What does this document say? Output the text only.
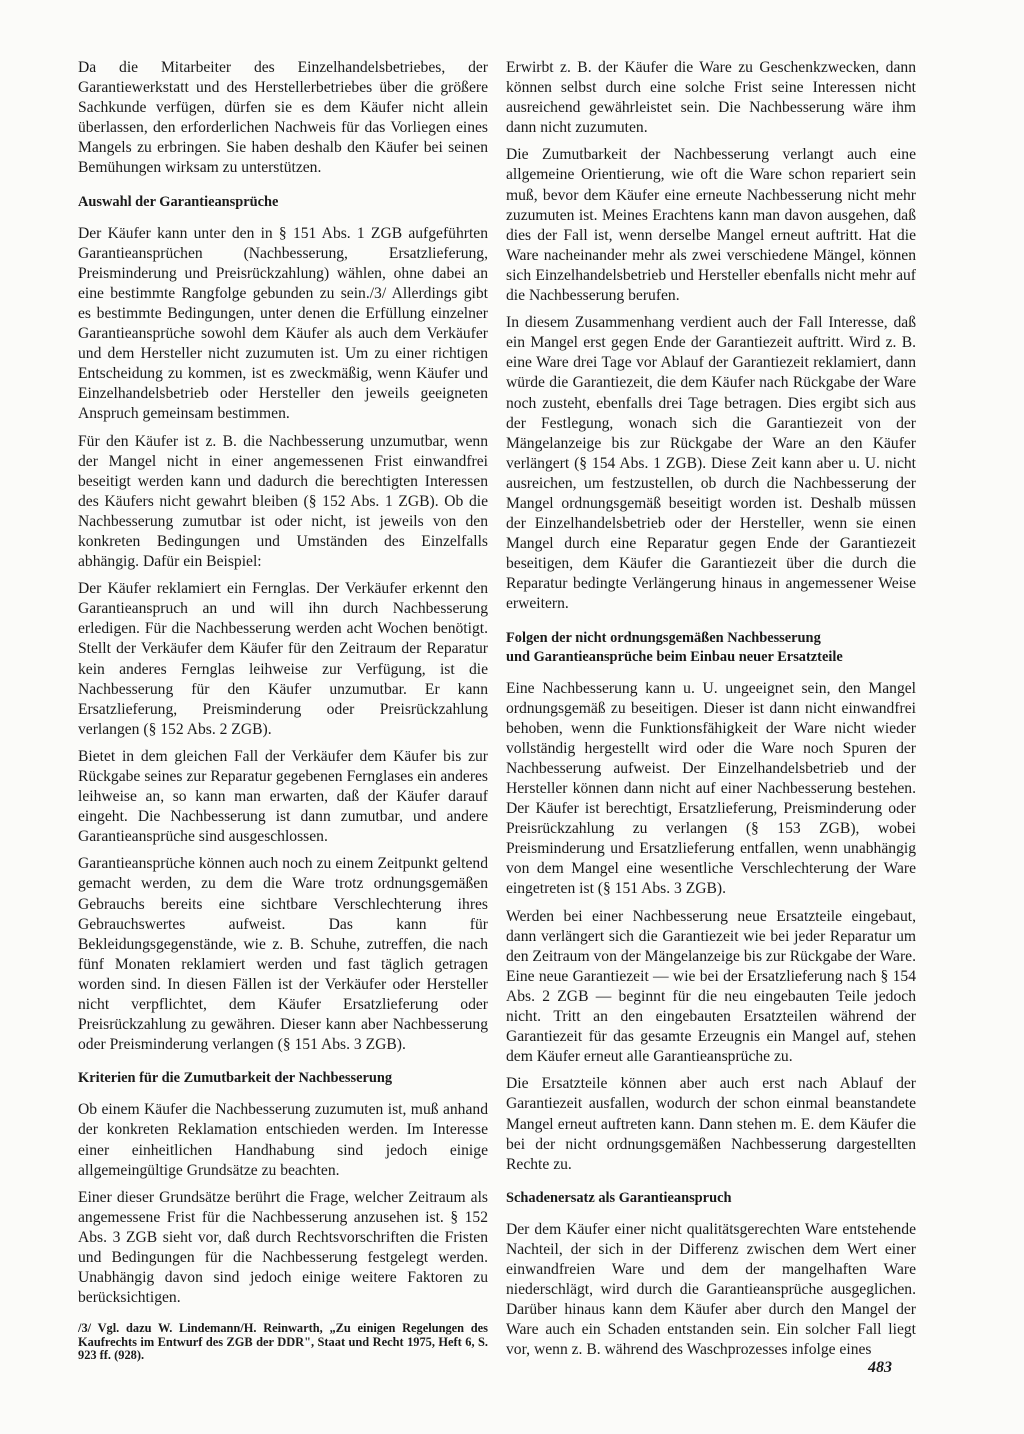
Da die Mitarbeiter des Einzelhandelsbetriebes, der Garantiewerkstatt und des Herstellerbetriebes über die größere Sachkunde verfügen, dürfen sie es dem Käufer nicht allein überlassen, den erforderlichen Nachweis für das Vorliegen eines Mangels zu erbringen. Sie haben deshalb den Käufer bei seinen Bemühungen wirksam zu unterstützen.

Auswahl der Garantieansprüche

Der Käufer kann unter den in § 151 Abs. 1 ZGB aufgeführten Garantieansprüchen (Nachbesserung, Ersatzlieferung, Preisminderung und Preisrückzahlung) wählen, ohne dabei an eine bestimmte Rangfolge gebunden zu sein./3/ Allerdings gibt es bestimmte Bedingungen, unter denen die Erfüllung einzelner Garantieansprüche sowohl dem Käufer als auch dem Verkäufer und dem Hersteller nicht zuzumuten ist. Um zu einer richtigen Entscheidung zu kommen, ist es zweckmäßig, wenn Käufer und Einzelhandelsbetrieb oder Hersteller den jeweils geeigneten Anspruch gemeinsam bestimmen.

Für den Käufer ist z. B. die Nachbesserung unzumutbar, wenn der Mangel nicht in einer angemessenen Frist einwandfrei beseitigt werden kann und dadurch die berechtigten Interessen des Käufers nicht gewahrt bleiben (§ 152 Abs. 1 ZGB). Ob die Nachbesserung zumutbar ist oder nicht, ist jeweils von den konkreten Bedingungen und Umständen des Einzelfalls abhängig. Dafür ein Beispiel:

Der Käufer reklamiert ein Fernglas. Der Verkäufer erkennt den Garantieanspruch an und will ihn durch Nachbesserung erledigen. Für die Nachbesserung werden acht Wochen benötigt. Stellt der Verkäufer dem Käufer für den Zeitraum der Reparatur kein anderes Fernglas leihweise zur Verfügung, ist die Nachbesserung für den Käufer unzumutbar. Er kann Ersatzlieferung, Preisminderung oder Preisrückzahlung verlangen (§ 152 Abs. 2 ZGB).

Bietet in dem gleichen Fall der Verkäufer dem Käufer bis zur Rückgabe seines zur Reparatur gegebenen Fernglases ein anderes leihweise an, so kann man erwarten, daß der Käufer darauf eingeht. Die Nachbesserung ist dann zumutbar, und andere Garantieansprüche sind ausgeschlossen.

Garantieansprüche können auch noch zu einem Zeitpunkt geltend gemacht werden, zu dem die Ware trotz ordnungsgemäßen Gebrauchs bereits eine sichtbare Verschlechterung ihres Gebrauchswertes aufweist. Das kann für Bekleidungsgegenstände, wie z. B. Schuhe, zutreffen, die nach fünf Monaten reklamiert werden und fast täglich getragen worden sind. In diesen Fällen ist der Verkäufer oder Hersteller nicht verpflichtet, dem Käufer Ersatzlieferung oder Preisrückzahlung zu gewähren. Dieser kann aber Nachbesserung oder Preisminderung verlangen (§ 151 Abs. 3 ZGB).

Kriterien für die Zumutbarkeit der Nachbesserung

Ob einem Käufer die Nachbesserung zuzumuten ist, muß anhand der konkreten Reklamation entschieden werden. Im Interesse einer einheitlichen Handhabung sind jedoch einige allgemeingültige Grundsätze zu beachten.

Einer dieser Grundsätze berührt die Frage, welcher Zeitraum als angemessene Frist für die Nachbesserung anzusehen ist. § 152 Abs. 3 ZGB sieht vor, daß durch Rechtsvorschriften die Fristen und Bedingungen für die Nachbesserung festgelegt werden. Unabhängig davon sind jedoch einige weitere Faktoren zu berücksichtigen.

/3/ Vgl. dazu W. Lindemann/H. Reinwarth, „Zu einigen Regelungen des Kaufrechts im Entwurf des ZGB der DDR", Staat und Recht 1975, Heft 6, S. 923 ff. (928).

Erwirbt z. B. der Käufer die Ware zu Geschenkzwecken, dann können selbst durch eine solche Frist seine Interessen nicht ausreichend gewährleistet sein. Die Nachbesserung wäre ihm dann nicht zuzumuten.

Die Zumutbarkeit der Nachbesserung verlangt auch eine allgemeine Orientierung, wie oft die Ware schon repariert sein muß, bevor dem Käufer eine erneute Nachbesserung nicht mehr zuzumuten ist. Meines Erachtens kann man davon ausgehen, daß dies der Fall ist, wenn derselbe Mangel erneut auftritt. Hat die Ware nacheinander mehr als zwei verschiedene Mängel, können sich Einzelhandelsbetrieb und Hersteller ebenfalls nicht mehr auf die Nachbesserung berufen.

In diesem Zusammenhang verdient auch der Fall Interesse, daß ein Mangel erst gegen Ende der Garantiezeit auftritt. Wird z. B. eine Ware drei Tage vor Ablauf der Garantiezeit reklamiert, dann würde die Garantiezeit, die dem Käufer nach Rückgabe der Ware noch zusteht, ebenfalls drei Tage betragen. Dies ergibt sich aus der Festlegung, wonach sich die Garantiezeit von der Mängelanzeige bis zur Rückgabe der Ware an den Käufer verlängert (§ 154 Abs. 1 ZGB). Diese Zeit kann aber u. U. nicht ausreichen, um festzustellen, ob durch die Nachbesserung der Mangel ordnungsgemäß beseitigt worden ist. Deshalb müssen der Einzelhandelsbetrieb oder der Hersteller, wenn sie einen Mangel durch eine Reparatur gegen Ende der Garantiezeit beseitigen, dem Käufer die Garantiezeit über die durch die Reparatur bedingte Verlängerung hinaus in angemessener Weise erweitern.

Folgen der nicht ordnungsgemäßen Nachbesserung
und Garantieansprüche beim Einbau neuer Ersatzteile

Eine Nachbesserung kann u. U. ungeeignet sein, den Mangel ordnungsgemäß zu beseitigen. Dieser ist dann nicht einwandfrei behoben, wenn die Funktionsfähigkeit der Ware nicht wieder vollständig hergestellt wird oder die Ware noch Spuren der Nachbesserung aufweist. Der Einzelhandelsbetrieb und der Hersteller können dann nicht auf einer Nachbesserung bestehen. Der Käufer ist berechtigt, Ersatzlieferung, Preisminderung oder Preisrückzahlung zu verlangen (§ 153 ZGB), wobei Preisminderung und Ersatzlieferung entfallen, wenn unabhängig von dem Mangel eine wesentliche Verschlechterung der Ware eingetreten ist (§ 151 Abs. 3 ZGB).

Werden bei einer Nachbesserung neue Ersatzteile eingebaut, dann verlängert sich die Garantiezeit wie bei jeder Reparatur um den Zeitraum von der Mängelanzeige bis zur Rückgabe der Ware. Eine neue Garantiezeit — wie bei der Ersatzlieferung nach § 154 Abs. 2 ZGB — beginnt für die neu eingebauten Teile jedoch nicht. Tritt an den eingebauten Ersatzteilen während der Garantiezeit für das gesamte Erzeugnis ein Mangel auf, stehen dem Käufer erneut alle Garantieansprüche zu.

Die Ersatzteile können aber auch erst nach Ablauf der Garantiezeit ausfallen, wodurch der schon einmal beanstandete Mangel erneut auftreten kann. Dann stehen m. E. dem Käufer die bei der nicht ordnungsgemäßen Nachbesserung dargestellten Rechte zu.

Schadenersatz als Garantieanspruch

Der dem Käufer einer nicht qualitätsgerechten Ware entstehende Nachteil, der sich in der Differenz zwischen dem Wert einer einwandfreien Ware und dem der mangelhaften Ware niederschlägt, wird durch die Garantieansprüche ausgeglichen. Darüber hinaus kann dem Käufer aber durch den Mangel der Ware auch ein Schaden entstanden sein. Ein solcher Fall liegt vor, wenn z. B. während des Waschprozesses infolge eines

483
